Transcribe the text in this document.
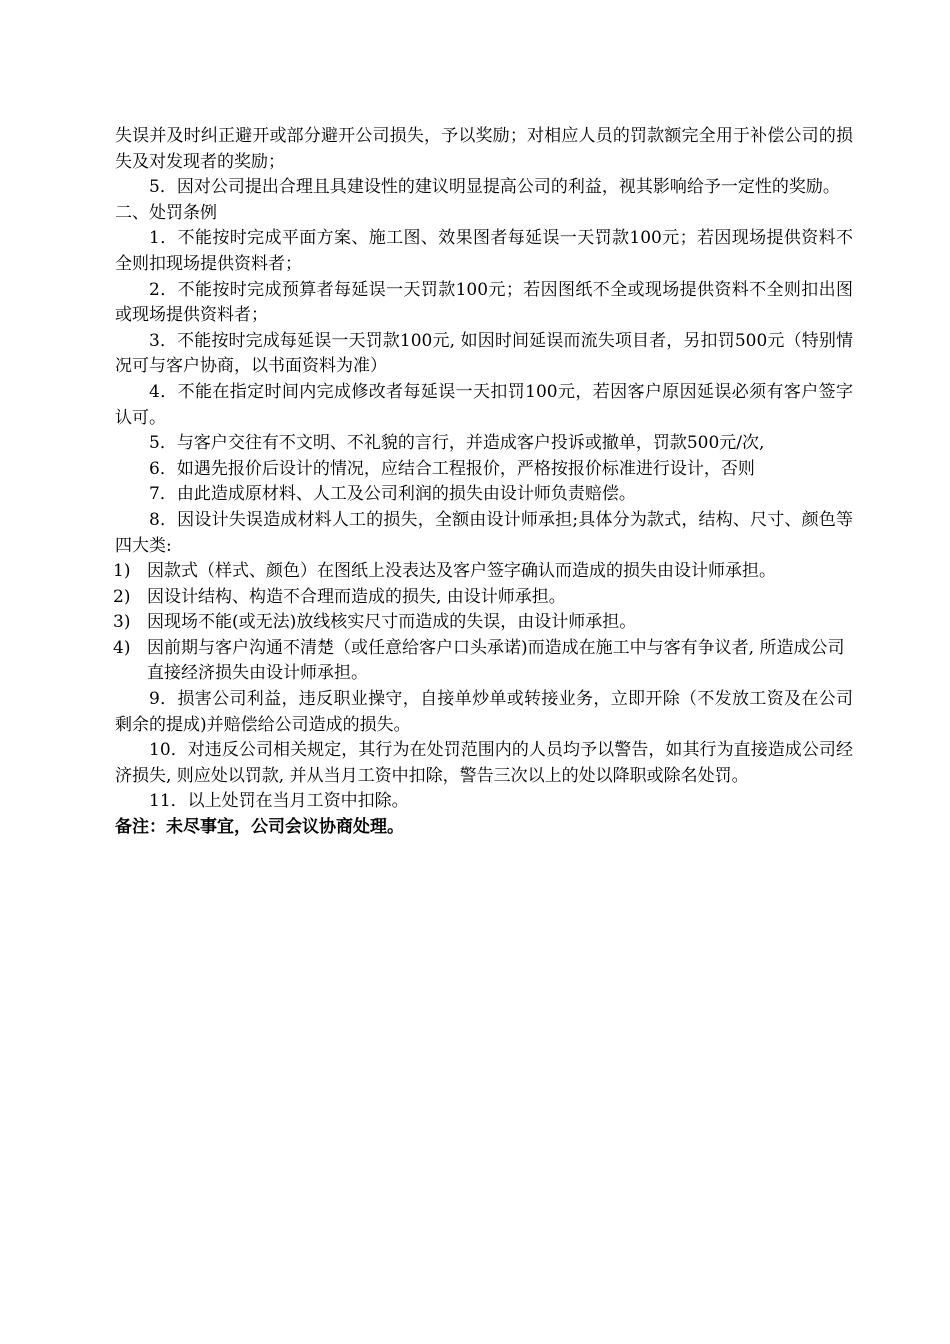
失误并及时纠正避开或部分避开公司损失，予以奖励；对相应人员的罚款额完全用于补偿公司的损失及对发现者的奖励；

5．因对公司提出合理且具建设性的建议明显提高公司的利益，视其影响给予一定性的奖励。

二、处罚条例

1．不能按时完成平面方案、施工图、效果图者每延误一天罚款100元；若因现场提供资料不全则扣现场提供资料者；

2．不能按时完成预算者每延误一天罚款100元；若因图纸不全或现场提供资料不全则扣出图或现场提供资料者；

3．不能按时完成每延误一天罚款100元, 如因时间延误而流失项目者，另扣罚500元（特别情况可与客户协商，以书面资料为准）

4．不能在指定时间内完成修改者每延误一天扣罚100元，若因客户原因延误必须有客户签字认可。

5．与客户交往有不文明、不礼貌的言行，并造成客户投诉或撤单，罚款500元/次,

6．如遇先报价后设计的情况，应结合工程报价，严格按报价标准进行设计，否则

7．由此造成原材料、人工及公司利润的损失由设计师负责赔偿。

8．因设计失误造成材料人工的损失，全额由设计师承担;具体分为款式，结构、尺寸、颜色等四大类:

1) 因款式（样式、颜色）在图纸上没表达及客户签字确认而造成的损失由设计师承担。
2) 因设计结构、构造不合理而造成的损失, 由设计师承担。
3) 因现场不能(或无法)放线核实尺寸而造成的失误，由设计师承担。
4) 因前期与客户沟通不清楚（或任意给客户口头承诺)而造成在施工中与客有争议者, 所造成公司直接经济损失由设计师承担。

9．损害公司利益，违反职业操守，自接单炒单或转接业务，立即开除（不发放工资及在公司剩余的提成)并赔偿给公司造成的损失。

10．对违反公司相关规定，其行为在处罚范围内的人员均予以警告，如其行为直接造成公司经济损失, 则应处以罚款, 并从当月工资中扣除，警告三次以上的处以降职或除名处罚。

11．以上处罚在当月工资中扣除。

备注：未尽事宜，公司会议协商处理。
